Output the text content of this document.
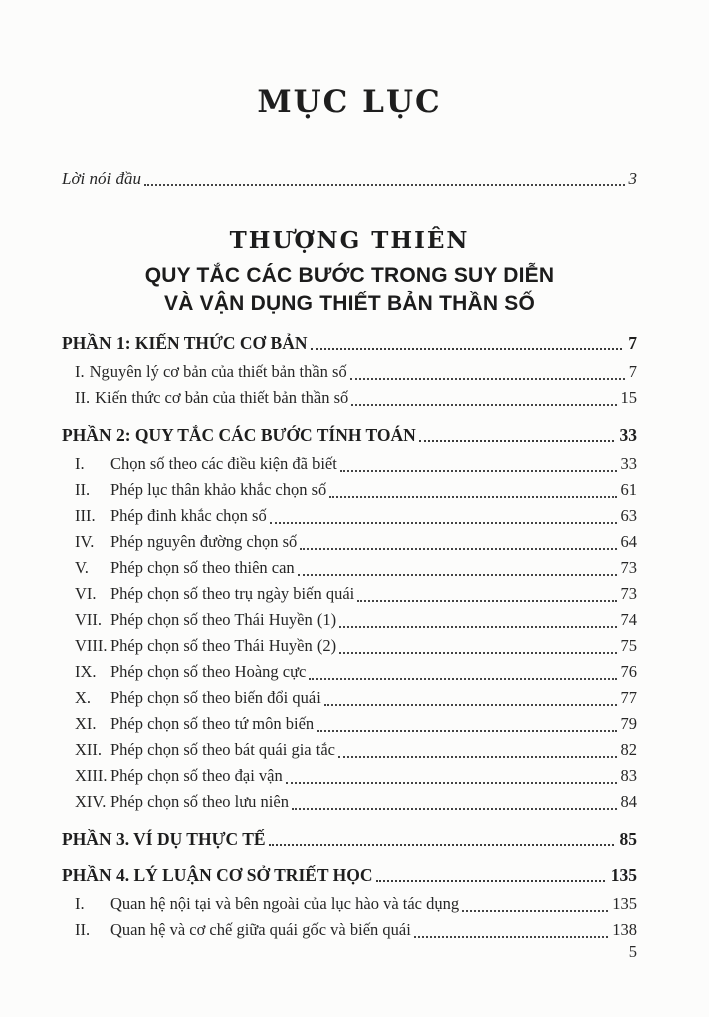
MỤC LỤC
Lời nói đầu	3
THƯỢNG THIÊN
QUY TẮC CÁC BƯỚC TRONG SUY DIỄN
VÀ VẬN DỤNG THIẾT BẢN THẦN SỐ
PHẦN 1: KIẾN THỨC CƠ BẢN	7
I. Nguyên lý cơ bản của thiết bản thần số	7
II. Kiến thức cơ bản của thiết bản thần số	15
PHẦN 2: QUY TẮC CÁC BƯỚC TÍNH TOÁN	33
I.	Chọn số theo các điều kiện đã biết	33
II.	Phép lục thân khảo khắc chọn số	61
III. Phép đinh khắc chọn số	63
IV. Phép nguyên đường chọn số	64
V.	Phép chọn số theo thiên can	73
VI. Phép chọn số theo trụ ngày biến quái	73
VII. Phép chọn số theo Thái Huyền (1)	74
VIII. Phép chọn số theo Thái Huyền (2)	75
IX. Phép chọn số theo Hoàng cực	76
X.	Phép chọn số theo biến đổi quái	77
XI. Phép chọn số theo tứ môn biến	79
XII. Phép chọn số theo bát quái gia tắc	82
XIII. Phép chọn số theo đại vận	83
XIV. Phép chọn số theo lưu niên	84
PHẦN 3. VÍ DỤ THỰC TẾ	85
PHẦN 4. LÝ LUẬN CƠ SỞ TRIẾT HỌC	135
I.	Quan hệ nội tại và bên ngoài của lục hào và tác dụng	135
II.	Quan hệ và cơ chế giữa quái gốc và biến quái	138
5
